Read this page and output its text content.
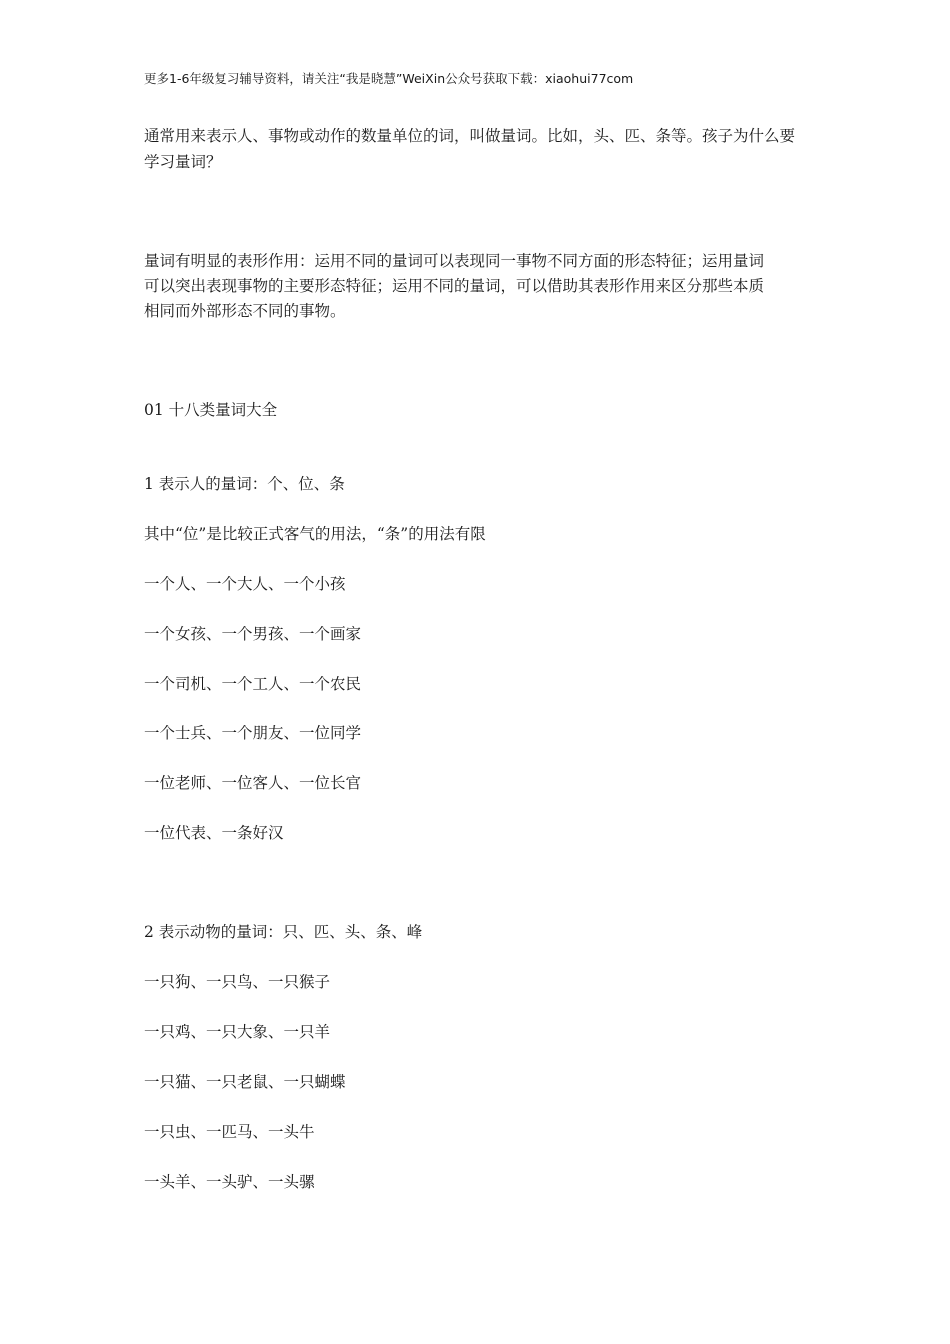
更多1-6年级复习辅导资料，请关注“我是晓慧”WeiXin公众号获取下载：xiaohui77com
通常用来表示人、事物或动作的数量单位的词，叫做量词。比如，头、匹、条等。孩子为什么要
学习量词？
量词有明显的表形作用：运用不同的量词可以表现同一事物不同方面的形态特征；运用量词
可以突出表现事物的主要形态特征；运用不同的量词，可以借助其表形作用来区分那些本质
相同而外部形态不同的事物。
01 十八类量词大全
1 表示人的量词：个、位、条
其中“位”是比较正式客气的用法，“条”的用法有限
一个人、一个大人、一个小孩
一个女孩、一个男孩、一个画家
一个司机、一个工人、一个农民
一个士兵、一个朋友、一位同学
一位老师、一位客人、一位长官
一位代表、一条好汉
2 表示动物的量词：只、匹、头、条、峰
一只狗、一只鸟、一只猴子
一只鸡、一只大象、一只羊
一只猫、一只老鼠、一只蝴蝶
一只虫、一匹马、一头牛
一头羊、一头驴、一头骡
